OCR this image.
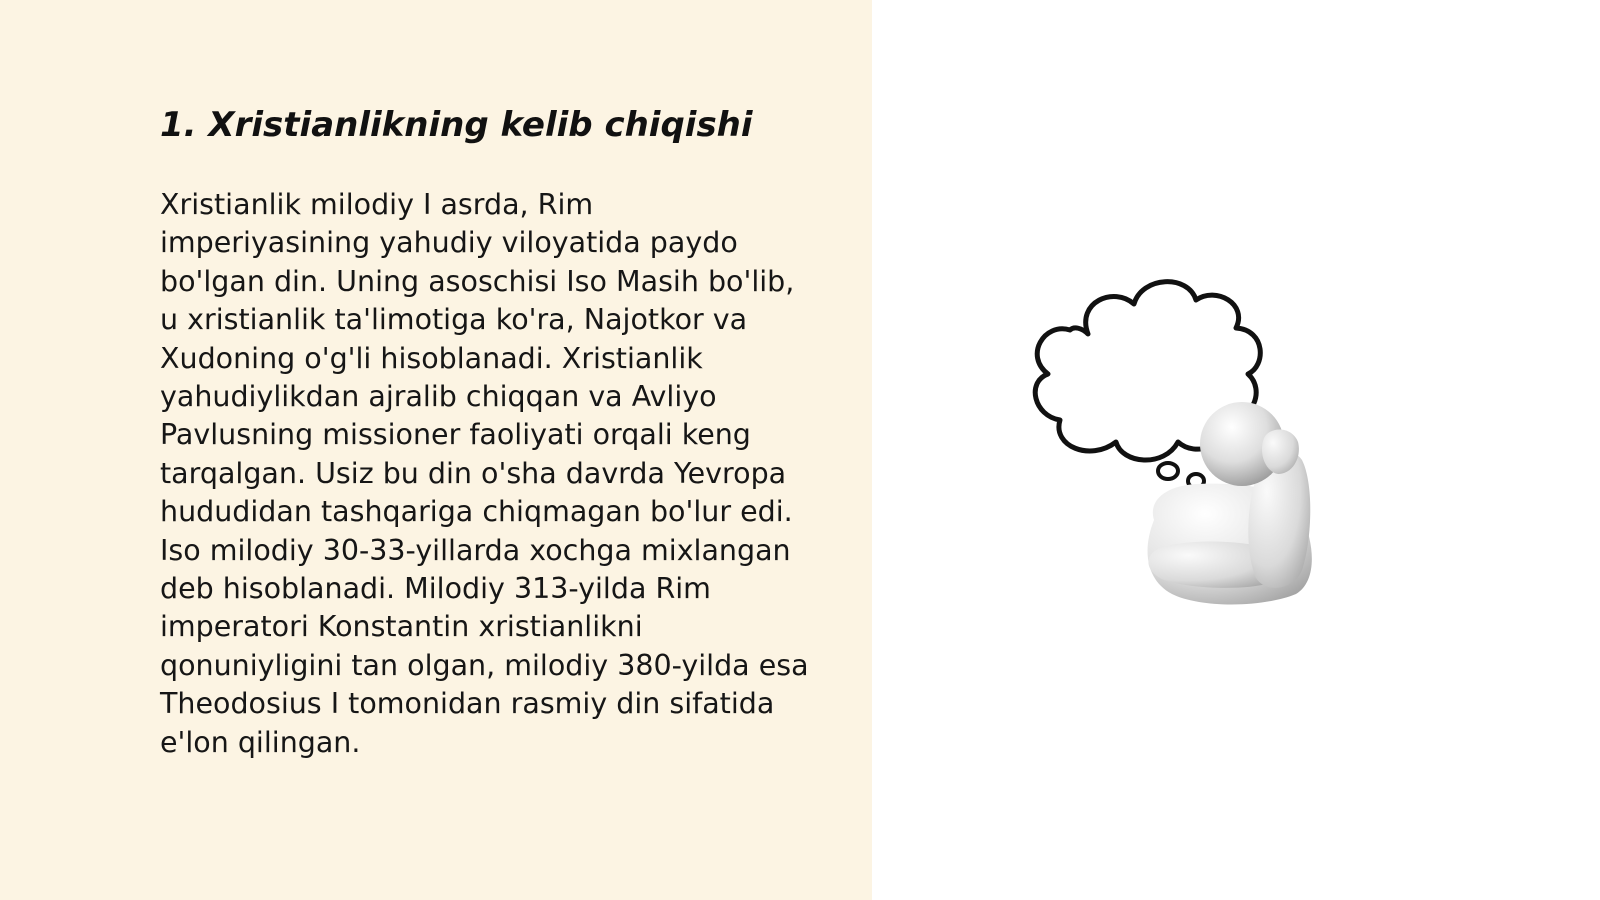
1. Xristianlikning kelib chiqishi
Xristianlik milodiy I asrda, Rim
imperiyasining yahudiy viloyatida paydo
bo'lgan din. Uning asoschisi Iso Masih bo'lib,
u xristianlik ta'limotiga ko'ra, Najotkor va
Xudoning o'g'li hisoblanadi. Xristianlik
yahudiylikdan ajralib chiqqan va Avliyo
Pavlusning missioner faoliyati orqali keng
tarqalgan. Usiz bu din o'sha davrda Yevropa
hududidan tashqariga chiqmagan bo'lur edi.
Iso milodiy 30-33-yillarda xochga mixlangan
deb hisoblanadi. Milodiy 313-yilda Rim
imperatori Konstantin xristianlikni
qonuniyligini tan olgan, milodiy 380-yilda esa
Theodosius I tomonidan rasmiy din sifatida
e'lon qilingan.
